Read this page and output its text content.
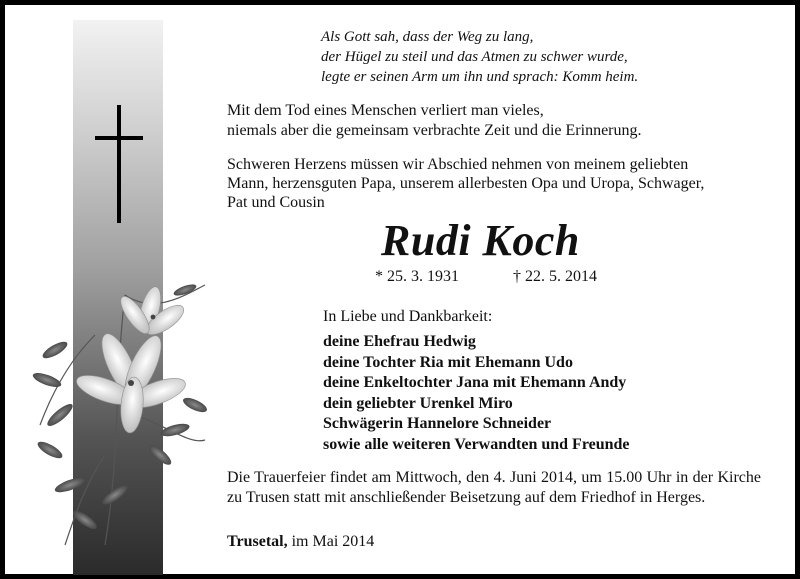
Als Gott sah, dass der Weg zu lang,
der Hügel zu steil und das Atmen zu schwer wurde,
legte er seinen Arm um ihn und sprach: Komm heim.
Mit dem Tod eines Menschen verliert man vieles,
niemals aber die gemeinsam verbrachte Zeit und die Erinnerung.
Schweren Herzens müssen wir Abschied nehmen von meinem geliebten
Mann, herzensguten Papa, unserem allerbesten Opa und Uropa, Schwager,
Pat und Cousin
Rudi Koch
* 25. 3. 1931	† 22. 5. 2014
In Liebe und Dankbarkeit:
deine Ehefrau Hedwig
deine Tochter Ria mit Ehemann Udo
deine Enkeltochter Jana mit Ehemann Andy
dein geliebter Urenkel Miro
Schwägerin Hannelore Schneider
sowie alle weiteren Verwandten und Freunde
Die Trauerfeier findet am Mittwoch, den 4. Juni 2014, um 15.00 Uhr in der Kirche zu Trusen statt mit anschließender Beisetzung auf dem Friedhof in Herges.
Trusetal, im Mai 2014
